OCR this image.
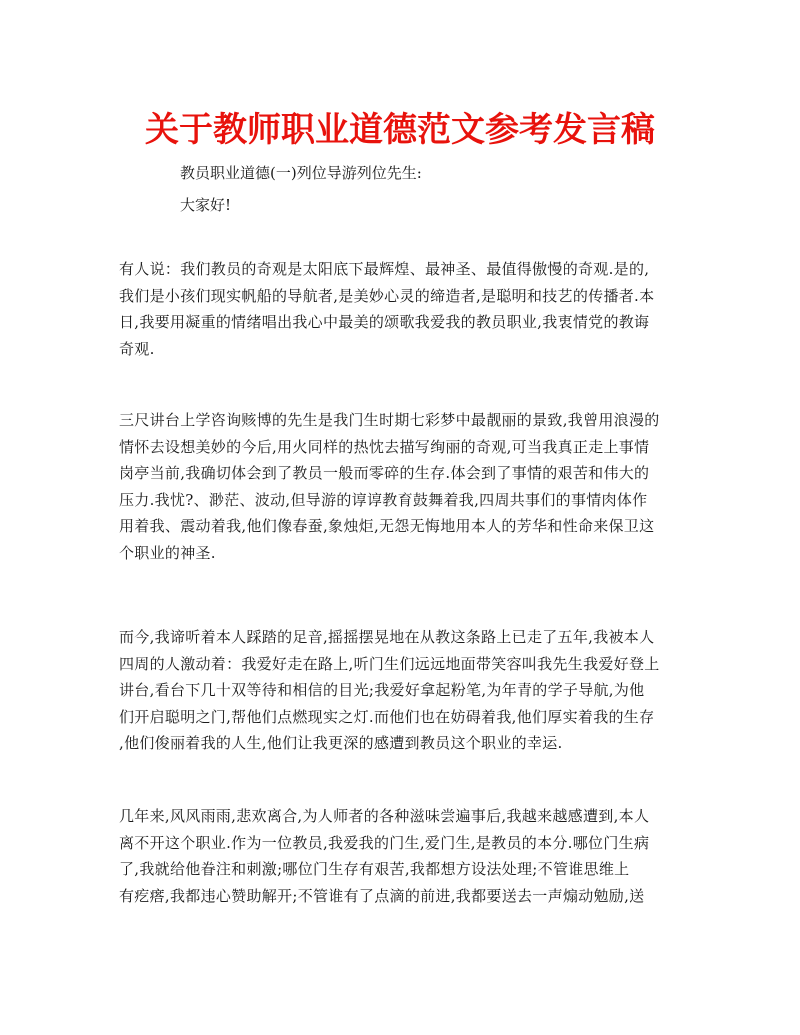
关于教师职业道德范文参考发言稿

教员职业道德(一)列位导游列位先生:

大家好!

有人说：我们教员的奇观是太阳底下最辉煌、最神圣、最值得傲慢的奇观.是的,
我们是小孩们现实帆船的导航者,是美妙心灵的缔造者,是聪明和技艺的传播者.本
日,我要用凝重的情绪唱出我心中最美的颂歌我爱我的教员职业,我衷情党的教诲
奇观.
三尺讲台上学咨询赅博的先生是我门生时期七彩梦中最靓丽的景致,我曾用浪漫的
情怀去设想美妙的今后,用火同样的热忱去描写绚丽的奇观,可当我真正走上事情
岗亭当前,我确切体会到了教员一般而零碎的生存.体会到了事情的艰苦和伟大的
压力.我忧?、渺茫、波动,但导游的谆谆教育鼓舞着我,四周共事们的事情肉体作
用着我、震动着我,他们像春蚕,象烛炬,无怨无悔地用本人的芳华和性命来保卫这
个职业的神圣.
而今,我谛听着本人踩踏的足音,摇摇摆晃地在从教这条路上已走了五年,我被本人
四周的人激动着：我爱好走在路上,听门生们远远地面带笑容叫我先生我爱好登上
讲台,看台下几十双等待和相信的目光;我爱好拿起粉笔,为年青的学子导航,为他
们开启聪明之门,帮他们点燃现实之灯.而他们也在妨碍着我,他们厚实着我的生存
,他们俊丽着我的人生,他们让我更深的感遭到教员这个职业的幸运.
几年来,风风雨雨,悲欢离合,为人师者的各种滋味尝遍事后,我越来越感遭到,本人
离不开这个职业.作为一位教员,我爱我的门生,爱门生,是教员的本分.哪位门生病
了,我就给他眷注和刺激;哪位门生存有艰苦,我都想方设法处理;不管谁思维上
有疙瘩,我都违心赞助解开;不管谁有了点滴的前进,我都要送去一声煽动勉励,送
